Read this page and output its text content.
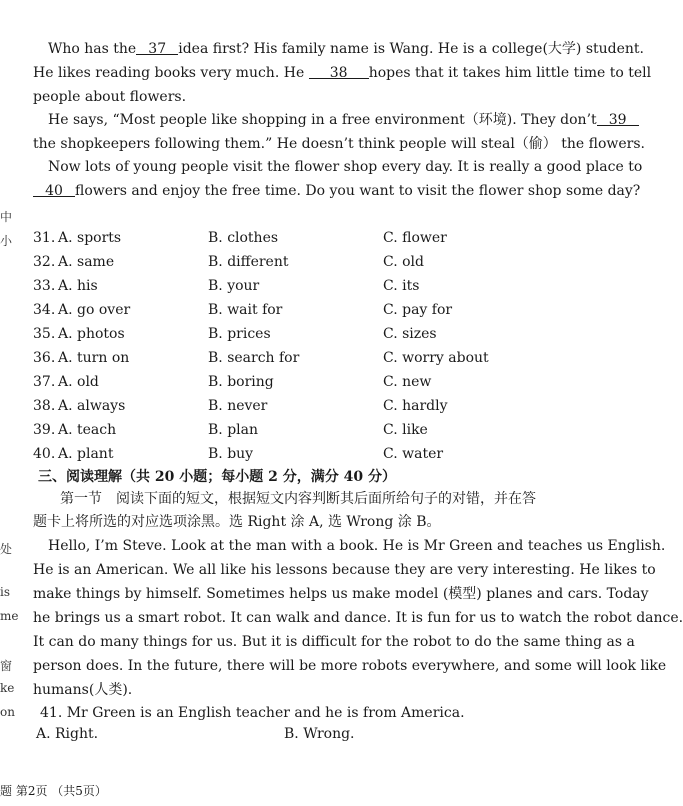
Who has the 37 idea first? His family name is Wang. He is a college(大学) student.
He likes reading books very much. He 38 hopes that it takes him little time to tell
people about flowers.
He says, “Most people like shopping in a free environment（环境). They don’t 39
the shopkeepers following them.” He doesn’t think people will steal（偷） the flowers.
Now lots of young people visit the flower shop every day. It is really a good place to
40 flowers and enjoy the free time. Do you want to visit the flower shop some day?
31. A. sports	B. clothes	C. flower
32. A. same	B. different	C. old
33. A. his	B. your	C. its
34. A. go over	B. wait for	C. pay for
35. A. photos	B. prices	C. sizes
36. A. turn on	B. search for	C. worry about
37. A. old	B. boring	C. new
38. A. always	B. never	C. hardly
39. A. teach	B. plan	C. like
40. A. plant	B. buy	C. water
三、阅读理解（共 20 小题；每小题 2 分，满分 40 分）
第一节　阅读下面的短文，根据短文内容判断其后面所给句子的对错，并在答
题卡上将所选的对应选项涂黑。选 Right 涂 A, 选 Wrong 涂 B。
Hello, I’m Steve. Look at the man with a book. He is Mr Green and teaches us English.
He is an American. We all like his lessons because they are very interesting. He likes to
make things by himself. Sometimes helps us make model (模型) planes and cars. Today
he brings us a smart robot. It can walk and dance. It is fun for us to watch the robot dance.
It can do many things for us. But it is difficult for the robot to do the same thing as a
person does. In the future, there will be more robots everywhere, and some will look like
humans(人类).
41. Mr Green is an English teacher and he is from America.
A. Right.	B. Wrong.
中
小
处
is
me
窗
ke
on
题 第2页 （共5页）
